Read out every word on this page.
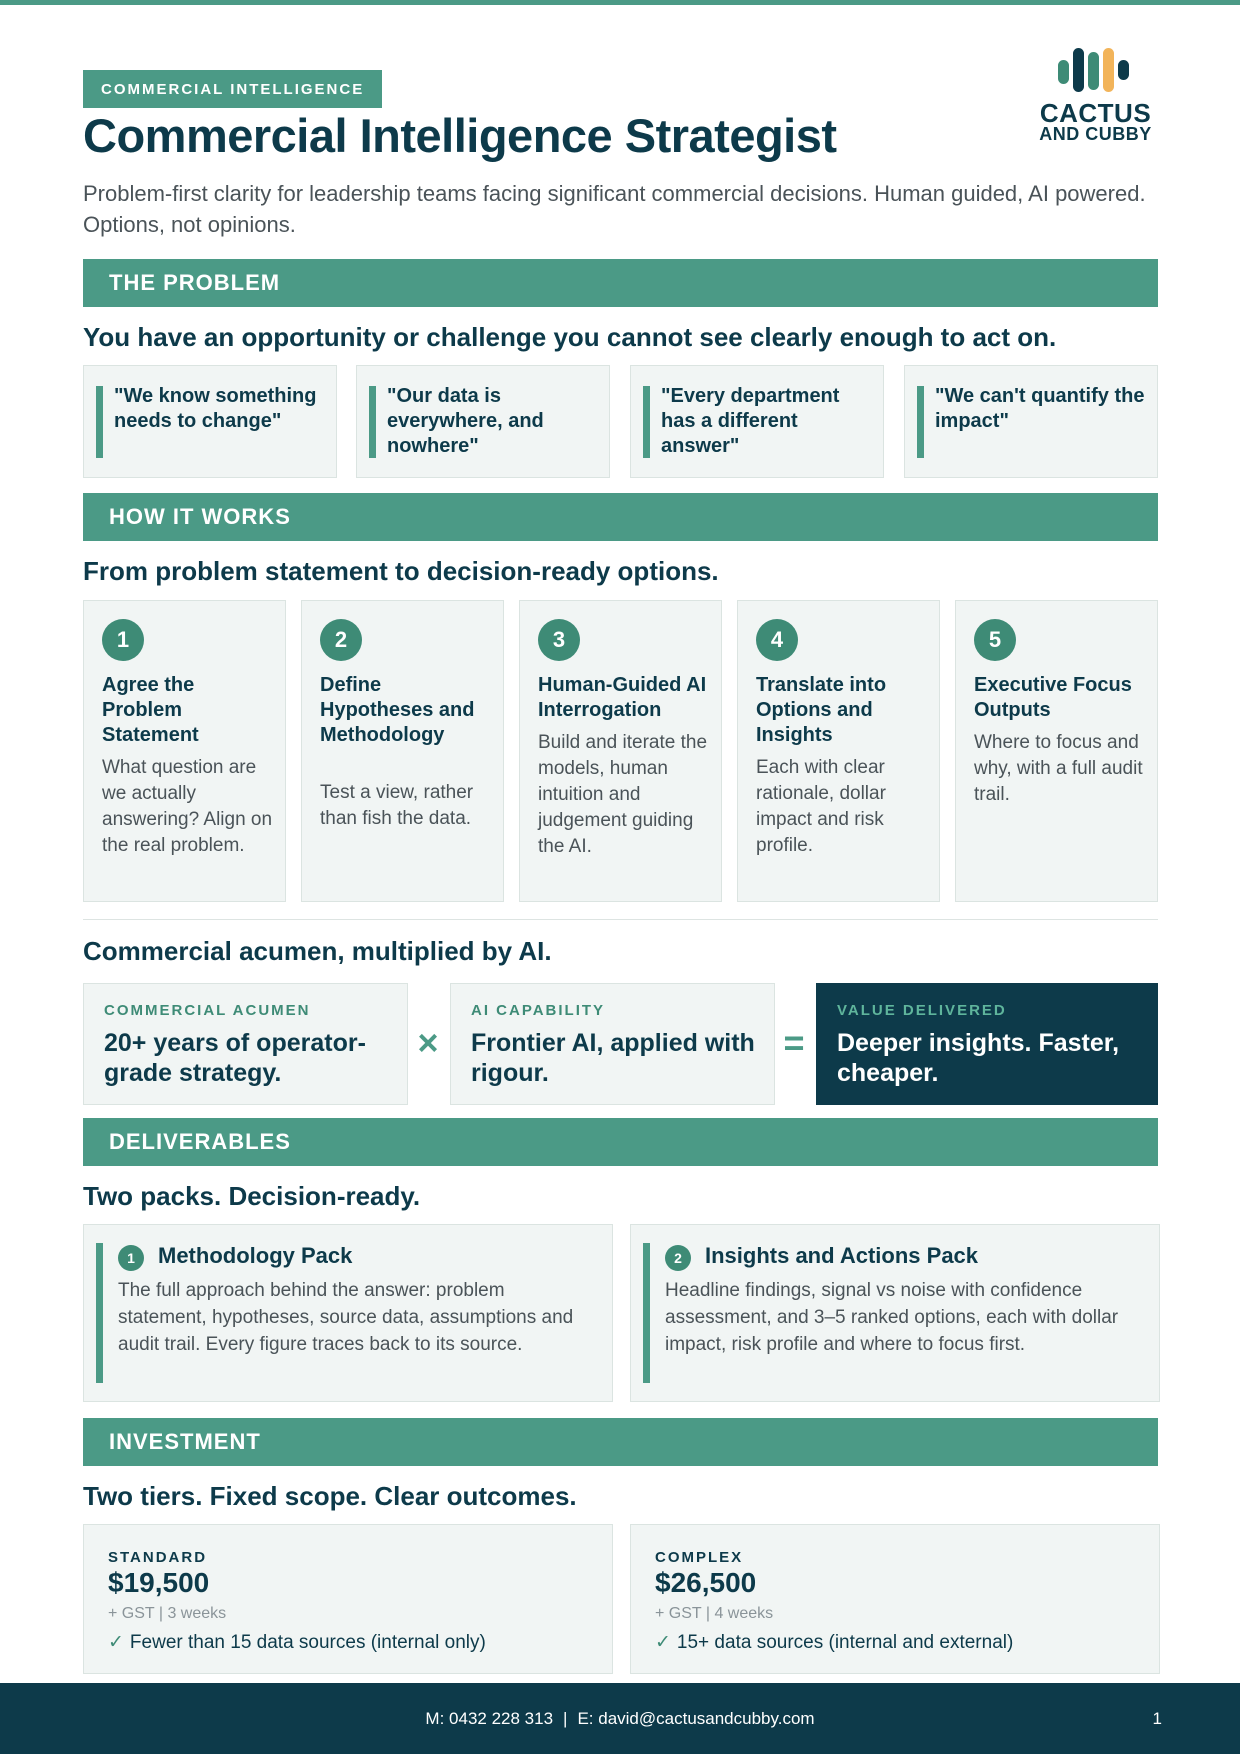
COMMERCIAL INTELLIGENCE
Commercial Intelligence Strategist

Problem-first clarity for leadership teams facing significant commercial decisions. Human guided, AI powered. Options, not opinions.

CACTUS
AND CUBBY
THE PROBLEM
You have an opportunity or challenge you cannot see clearly enough to act on.
"We know something needs to change"
"Our data is everywhere, and nowhere"
"Every department has a different answer"
"We can't quantify the impact"
HOW IT WORKS
From problem statement to decision-ready options.
1
Agree the Problem Statement
What question are we actually answering? Align on the real problem.
2
Define Hypotheses and Methodology
Test a view, rather than fish the data.
3
Human-Guided AI Interrogation
Build and iterate the models, human intuition and judgement guiding the AI.
4
Translate into Options and Insights
Each with clear rationale, dollar impact and risk profile.
5
Executive Focus Outputs
Where to focus and why, with a full audit trail.
Commercial acumen, multiplied by AI.
COMMERCIAL ACUMEN
20+ years of operator-grade strategy.
×
AI CAPABILITY
Frontier AI, applied with rigour.
=
VALUE DELIVERED
Deeper insights. Faster, cheaper.
DELIVERABLES
Two packs. Decision-ready.
1	Methodology Pack
The full approach behind the answer: problem statement, hypotheses, source data, assumptions and audit trail. Every figure traces back to its source.
2	Insights and Actions Pack
Headline findings, signal vs noise with confidence assessment, and 3–5 ranked options, each with dollar impact, risk profile and where to focus first.
INVESTMENT
Two tiers. Fixed scope. Clear outcomes.
STANDARD
$19,500
+ GST | 3 weeks
✓ Fewer than 15 data sources (internal only)
COMPLEX
$26,500
+ GST | 4 weeks
✓ 15+ data sources (internal and external)
M: 0432 228 313 | E: david@cactusandcubby.com	1
